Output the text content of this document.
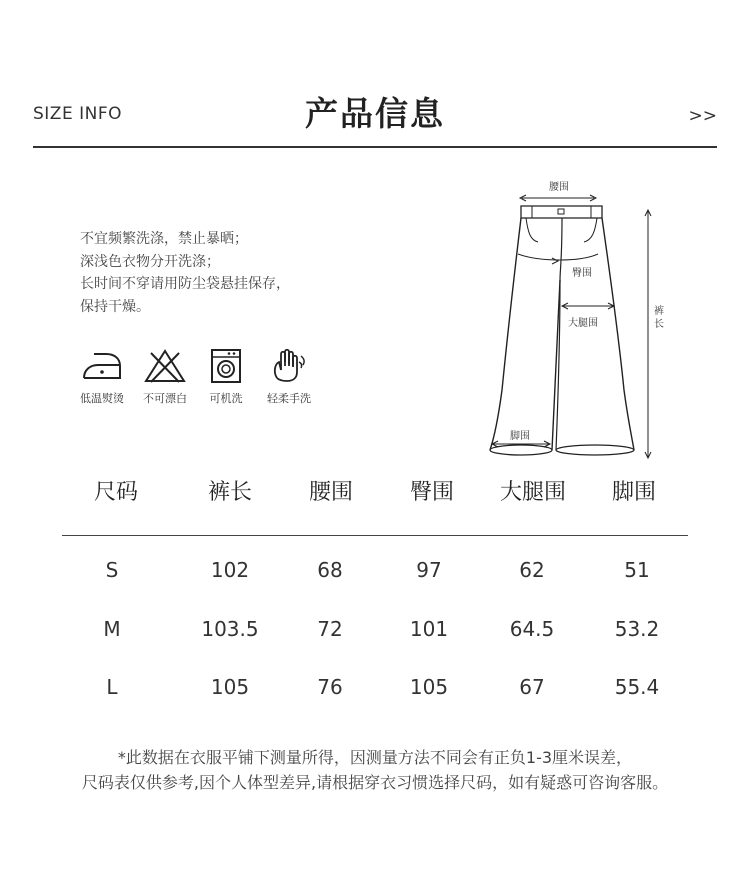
SIZE INFO	产品信息	>>
不宜频繁洗涤，禁止暴晒；
深浅色衣物分开洗涤；
长时间不穿请用防尘袋悬挂保存，
保持干燥。
低温熨烫	不可漂白	可机洗	轻柔手洗
腰围
臀围
大腿围
脚围
裤
长
尺码	裤长	腰围	臀围	大腿围	脚围
S	102	68	97	62	51
M	103.5	72	101	64.5	53.2
L	105	76	105	67	55.4
*此数据在衣服平铺下测量所得，因测量方法不同会有正负1-3厘米误差，
尺码表仅供参考,因个人体型差异,请根据穿衣习惯选择尺码，如有疑惑可咨询客服。
